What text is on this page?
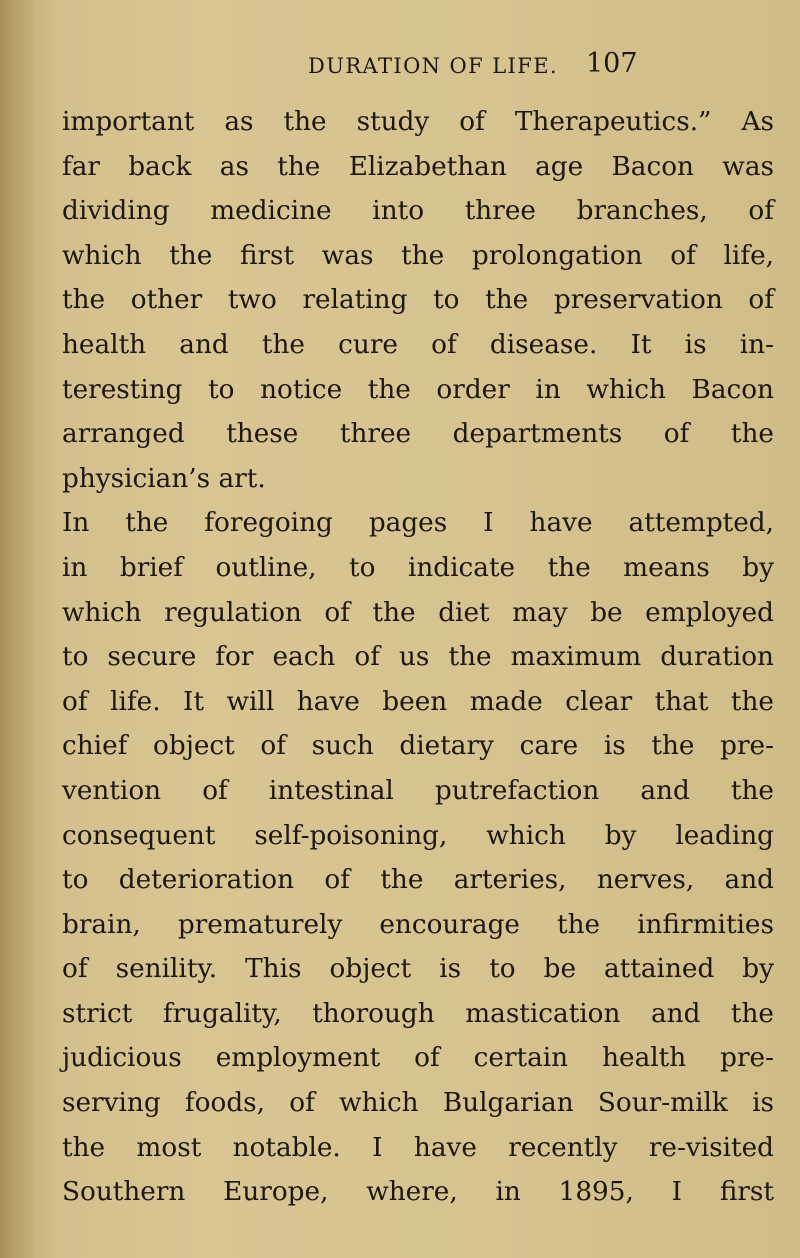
DURATION OF LIFE. 107
important as the study of Therapeutics.” As
far back as the Elizabethan age Bacon was
dividing medicine into three branches, of
which the first was the prolongation of life,
the other two relating to the preservation of
health and the cure of disease. It is in-
teresting to notice the order in which Bacon
arranged these three departments of the
physician’s art.
In the foregoing pages I have attempted,
in brief outline, to indicate the means by
which regulation of the diet may be employed
to secure for each of us the maximum duration
of life. It will have been made clear that the
chief object of such dietary care is the pre-
vention of intestinal putrefaction and the
consequent self-poisoning, which by leading
to deterioration of the arteries, nerves, and
brain, prematurely encourage the infirmities
of senility. This object is to be attained by
strict frugality, thorough mastication and the
judicious employment of certain health pre-
serving foods, of which Bulgarian Sour-milk is
the most notable. I have recently re-visited
Southern Europe, where, in 1895, I first
